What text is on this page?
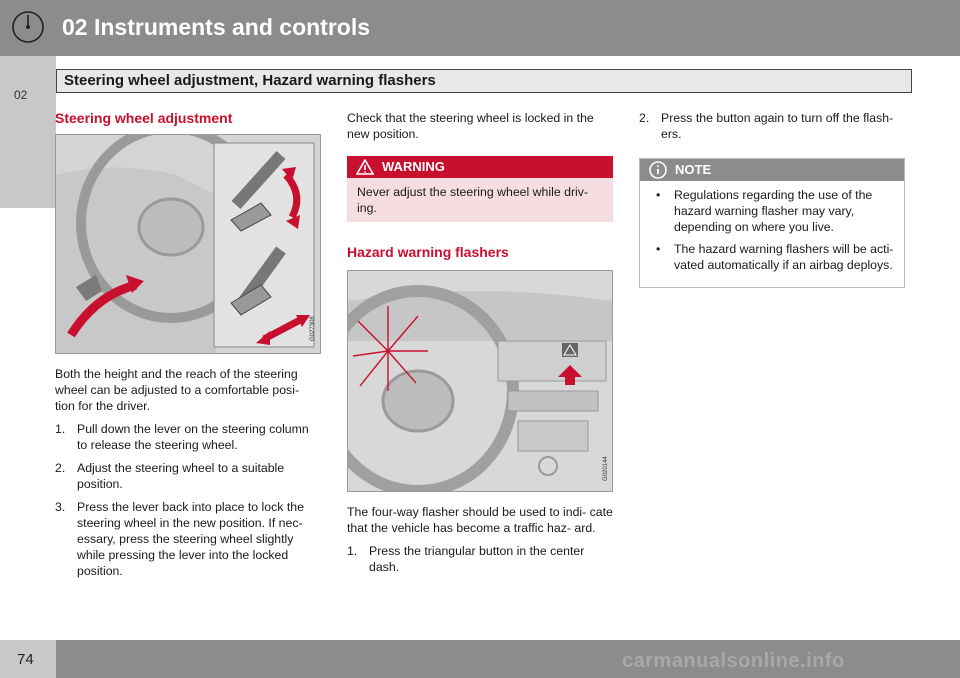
02 Instruments and controls
02
Steering wheel adjustment, Hazard warning flashers
Steering wheel adjustment
G027308

Both the height and the reach of the steering wheel can be adjusted to a comfortable posi- tion for the driver.

1. Pull down the lever on the steering column to release the steering wheel.
2. Adjust the steering wheel to a suitable position.
3. Press the lever back into place to lock the steering wheel in the new position. If nec- essary, press the steering wheel slightly while pressing the lever into the locked position.

Check that the steering wheel is locked in the new position.

WARNING
Never adjust the steering wheel while driv- ing.
Hazard warning flashers
G020144

The four-way flasher should be used to indi- cate that the vehicle has become a traffic haz- ard.

1. Press the triangular button in the center dash.
2. Press the button again to turn off the flash- ers.
NOTE
• Regulations regarding the use of the hazard warning flasher may vary, depending on where you live.
• The hazard warning flashers will be acti- vated automatically if an airbag deploys.
74	carmanualsonline.info
